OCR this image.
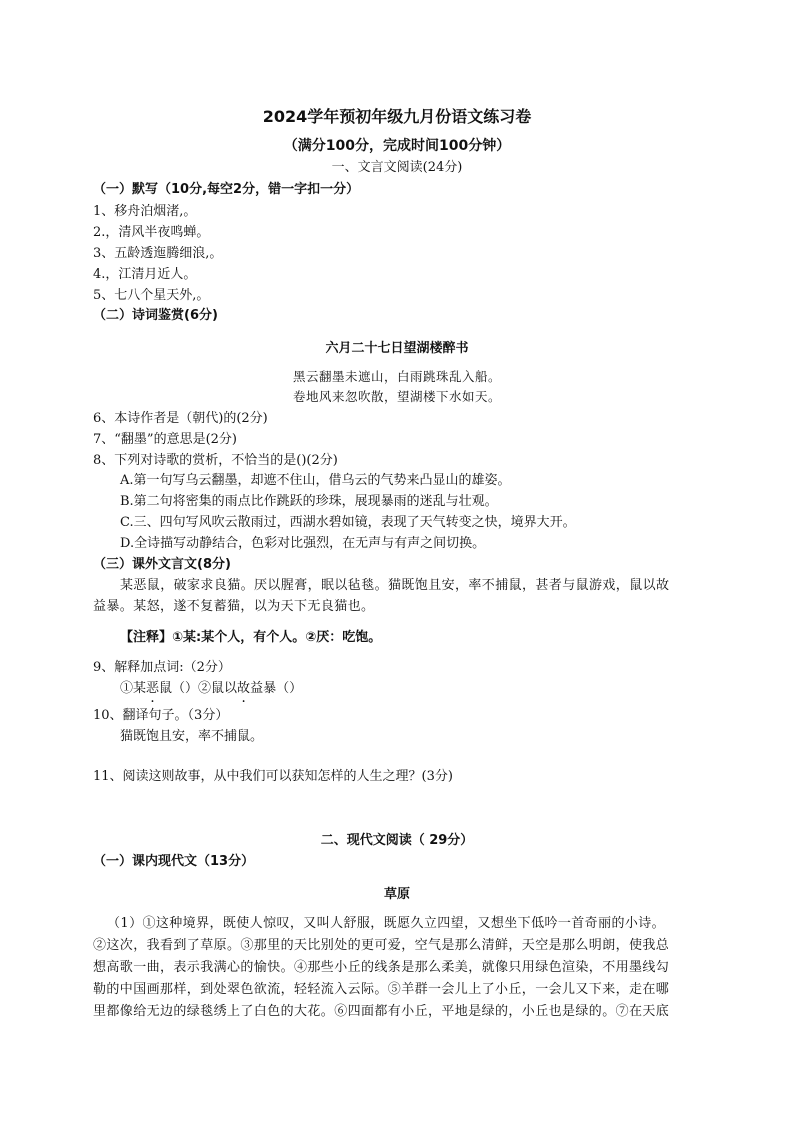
2024学年预初年级九月份语文练习卷
（满分100分，完成时间100分钟）
一、文言文阅读(24分)
（一）默写（10分,每空2分，错一字扣一分）
1、移舟泊烟渚,。
2.，清风半夜鸣蝉。
3、五龄透迤腾细浪,。
4.，江清月近人。
5、七八个星天外,。
（二）诗词鉴赏(6分)
六月二十七日望湖楼醉书
黑云翻墨未遮山，白雨跳珠乱入船。
卷地风来忽吹散，望湖楼下水如天。
6、本诗作者是（朝代)的(2分)
7、“翻墨”的意思是(2分)
8、下列对诗歌的赏析，不恰当的是()(2分)
A.第一句写乌云翻墨，却遮不住山，借乌云的气势来凸显山的雄姿。
B.第二句将密集的雨点比作跳跃的珍珠，展现暴雨的迷乱与壮观。
C.三、四句写风吹云散雨过，西湖水碧如镜，表现了天气转变之快，境界大开。
D.全诗描写动静结合，色彩对比强烈，在无声与有声之间切换。
（三）课外文言文(8分)
某恶鼠，破家求良猫。厌以腥膏，眠以毡毯。猫既饱且安，率不捕鼠，甚者与鼠游戏，鼠以故
益暴。某怒，遂不复蓄猫，以为天下无良猫也。
【注释】①某:某个人，有个人。②厌：吃饱。
9、解释加点词:（2分）
①某恶鼠（）②鼠以故益暴（）
10、翻译句子。（3分）
猫既饱且安，率不捕鼠。
11、阅读这则故事，从中我们可以获知怎样的人生之理？(3分)
二、现代文阅读（ 29分）
（一）课内现代文（13分）
草原
（1）①这种境界，既使人惊叹，又叫人舒服，既愿久立四望，又想坐下低吟一首奇丽的小诗。
②这次，我看到了草原。③那里的天比别处的更可爱，空气是那么清鲜，天空是那么明朗，使我总
想高歌一曲，表示我满心的愉快。④那些小丘的线条是那么柔美，就像只用绿色渲染，不用墨线勾
勒的中国画那样，到处翠色欲流，轻轻流入云际。⑤羊群一会儿上了小丘，一会儿又下来，走在哪
里都像给无边的绿毯绣上了白色的大花。⑥四面都有小丘，平地是绿的，小丘也是绿的。⑦在天底
